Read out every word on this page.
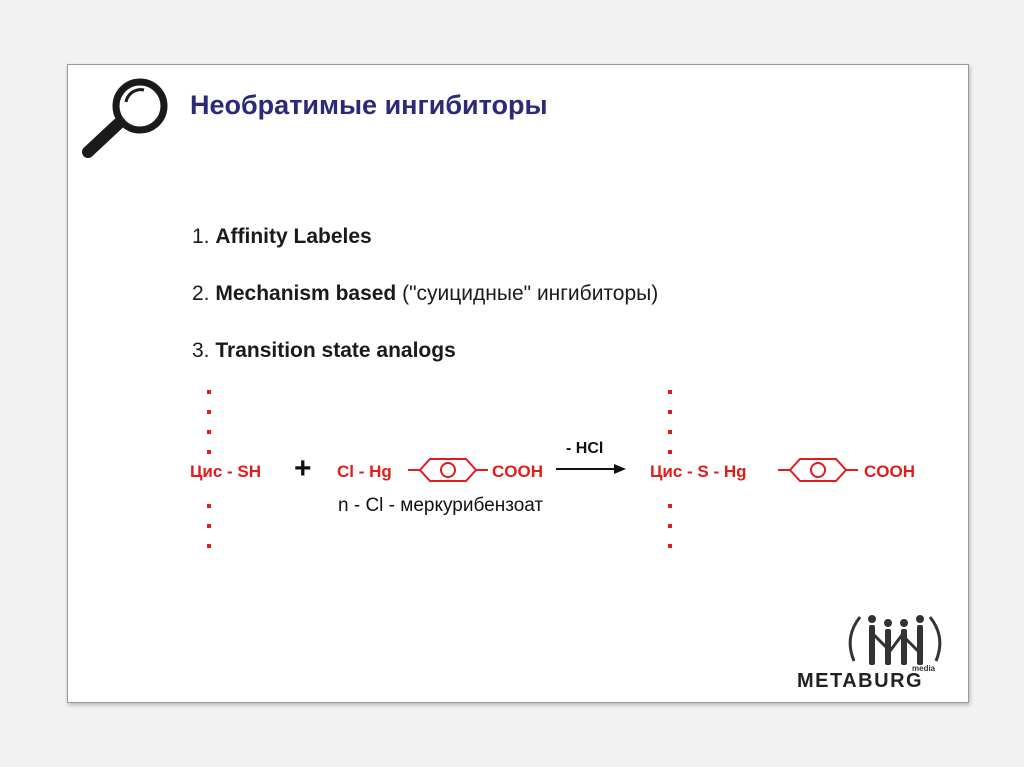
Необратимые ингибиторы
1. Affinity Labeles
2. Mechanism based ("суицидные" ингибиторы)
3. Transition state analogs
Цис - SH + Cl - Hg	COOH
- HCl
Цис - S - Hg	COOH
n - Cl - меркурибензоат
media
METABURG
